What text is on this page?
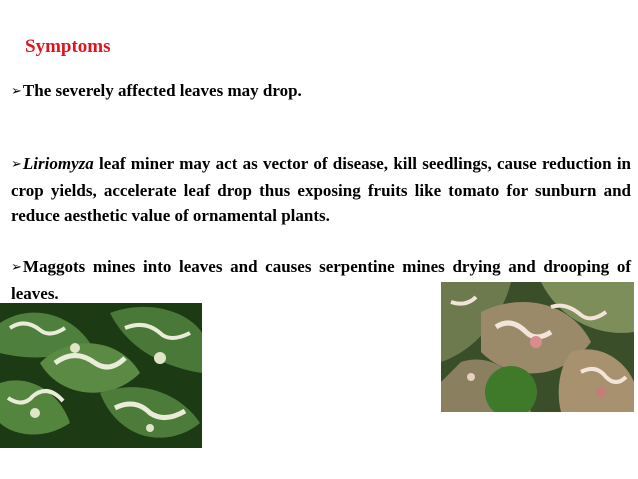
Symptoms
➢The severely affected leaves may drop.
➢Liriomyza leaf miner may act as vector of disease, kill seedlings, cause reduction in crop yields, accelerate leaf drop thus exposing fruits like tomato for sunburn and reduce aesthetic value of ornamental plants.
➢Maggots mines into leaves and causes serpentine mines drying and drooping of leaves.
